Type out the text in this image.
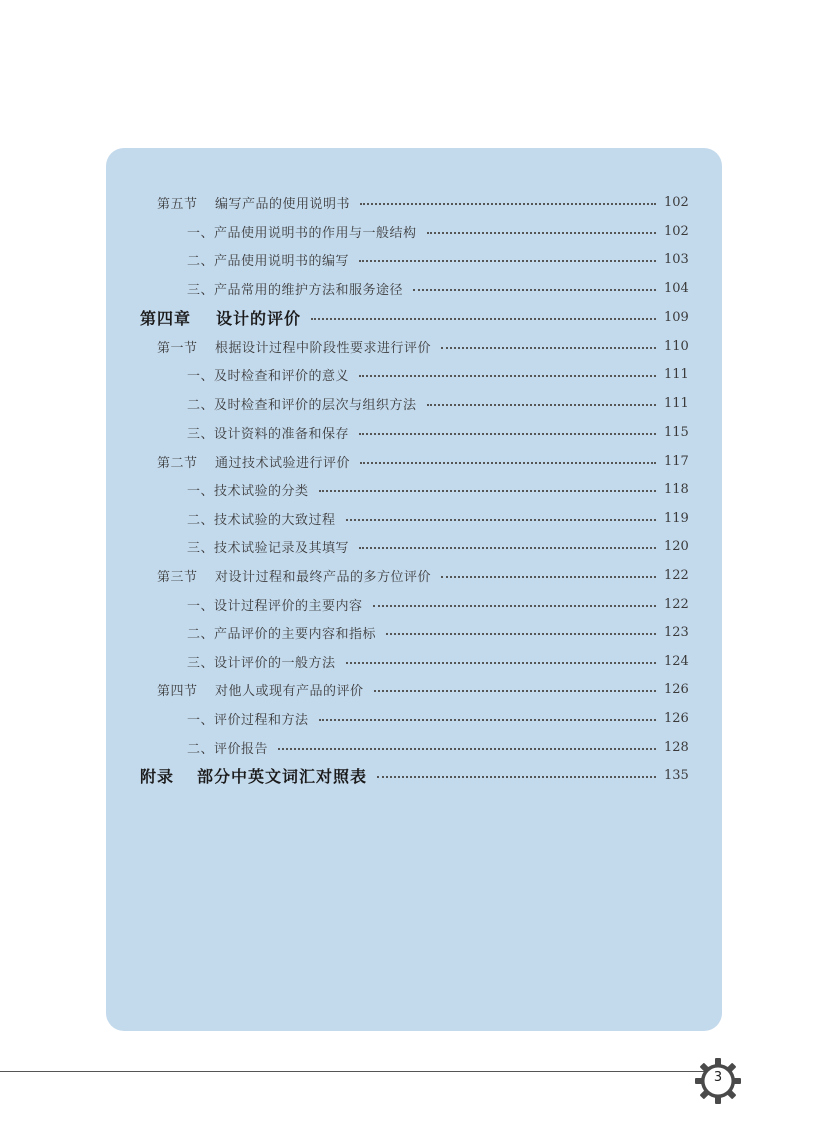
第五节 编写产品的使用说明书	102
一、产品使用说明书的作用与一般结构	102
二、产品使用说明书的编写	103
三、产品常用的维护方法和服务途径	104
第四章 设计的评价	109
第一节 根据设计过程中阶段性要求进行评价	110
一、及时检查和评价的意义	111
二、及时检查和评价的层次与组织方法	111
三、设计资料的准备和保存	115
第二节 通过技术试验进行评价	117
一、技术试验的分类	118
二、技术试验的大致过程	119
三、技术试验记录及其填写	120
第三节 对设计过程和最终产品的多方位评价	122
一、设计过程评价的主要内容	122
二、产品评价的主要内容和指标	123
三、设计评价的一般方法	124
第四节 对他人或现有产品的评价	126
一、评价过程和方法	126
二、评价报告	128
附录 部分中英文词汇对照表	135
3
